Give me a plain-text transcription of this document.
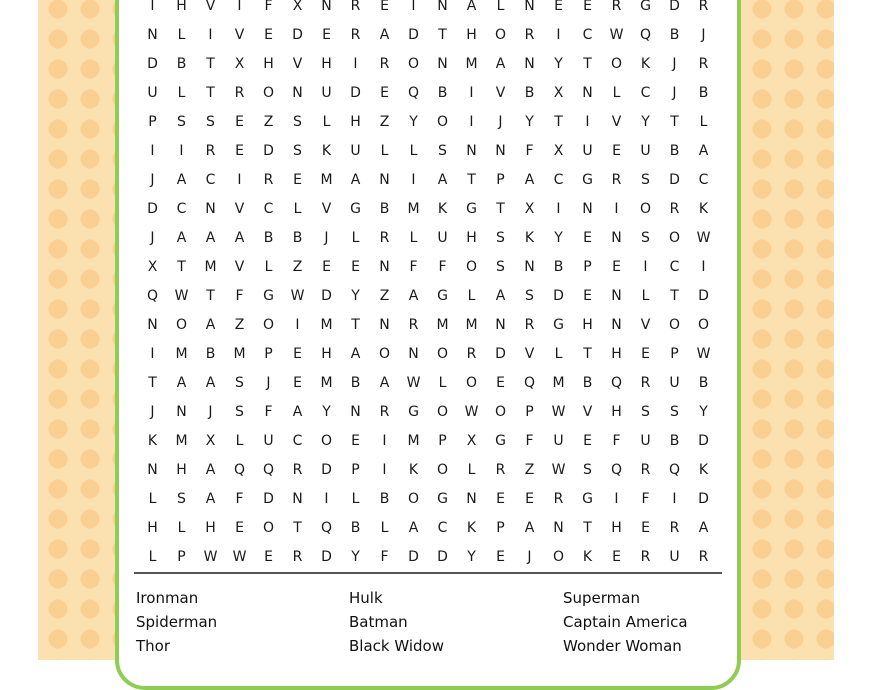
I	H	V	I	F	X	N	R	E	I	N	A	L	N	E	E	R	G	D	R
N	L	I	V	E	D	E	R	A	D	T	H	O	R	I	C	W	Q	B	J
D	B	T	X	H	V	H	I	R	O	N	M	A	N	Y	T	O	K	J	R
U	L	T	R	O	N	U	D	E	Q	B	I	V	B	X	N	L	C	J	B
P	S	S	E	Z	S	L	H	Z	Y	O	I	J	Y	T	I	V	Y	T	L
I	I	R	E	D	S	K	U	L	L	S	N	N	F	X	U	E	U	B	A
J	A	C	I	R	E	M	A	N	I	A	T	P	A	C	G	R	S	D	C
D	C	N	V	C	L	V	G	B	M	K	G	T	X	I	N	I	O	R	K
J	A	A	A	B	B	J	L	R	L	U	H	S	K	Y	E	N	S	O	W
X	T	M	V	L	Z	E	E	N	F	F	O	S	N	B	P	E	I	C	I
Q	W	T	F	G	W	D	Y	Z	A	G	L	A	S	D	E	N	L	T	D
N	O	A	Z	O	I	M	T	N	R	M	M	N	R	G	H	N	V	O	O
I	M	B	M	P	E	H	A	O	N	O	R	D	V	L	T	H	E	P	W
T	A	A	S	J	E	M	B	A	W	L	O	E	Q	M	B	Q	R	U	B
J	N	J	S	F	A	Y	N	R	G	O	W	O	P	W	V	H	S	S	Y
K	M	X	L	U	C	O	E	I	M	P	X	G	F	U	E	F	U	B	D
N	H	A	Q	Q	R	D	P	I	K	O	L	R	Z	W	S	Q	R	Q	K
L	S	A	F	D	N	I	L	B	O	G	N	E	E	R	G	I	F	I	D
H	L	H	E	O	T	Q	B	L	A	C	K	P	A	N	T	H	E	R	A
L	P	W	W	E	R	D	Y	F	D	D	Y	E	J	O	K	E	R	U	R
Ironman	Hulk	Superman
Spiderman	Batman	Captain America
Thor	Black Widow	Wonder Woman
